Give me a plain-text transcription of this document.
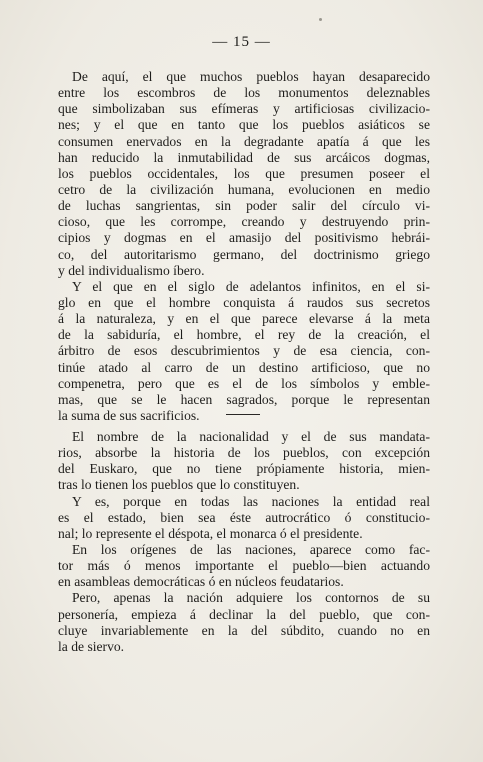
— 15 —
De aquí, el que muchos pueblos hayan desaparecido
entre los escombros de los monumentos deleznables
que simbolizaban sus efímeras y artificiosas civilizacio-
nes; y el que en tanto que los pueblos asiáticos se
consumen enervados en la degradante apatía á que les
han reducido la inmutabilidad de sus arcáicos dogmas,
los pueblos occidentales, los que presumen poseer el
cetro de la civilización humana, evolucionen en medio
de luchas sangrientas, sin poder salir del círculo vi-
cioso, que les corrompe, creando y destruyendo prin-
cipios y dogmas en el amasijo del positivismo hebrái-
co, del autoritarismo germano, del doctrinismo griego
y del individualismo íbero.
Y el que en el siglo de adelantos infinitos, en el si-
glo en que el hombre conquista á raudos sus secretos
á la naturaleza, y en el que parece elevarse á la meta
de la sabiduría, el hombre, el rey de la creación, el
árbitro de esos descubrimientos y de esa ciencia, con-
tinúe atado al carro de un destino artificioso, que no
compenetra, pero que es el de los símbolos y emble-
mas, que se le hacen sagrados, porque le representan
la suma de sus sacrificios.
El nombre de la nacionalidad y el de sus mandata-
rios, absorbe la historia de los pueblos, con excepción
del Euskaro, que no tiene própiamente historia, mien-
tras lo tienen los pueblos que lo constituyen.
Y es, porque en todas las naciones la entidad real
es el estado, bien sea éste autrocrático ó constitucio-
nal; lo represente el déspota, el monarca ó el presidente.
En los orígenes de las naciones, aparece como fac-
tor más ó menos importante el pueblo—bien actuando
en asambleas democráticas ó en núcleos feudatarios.
Pero, apenas la nación adquiere los contornos de su
personería, empieza á declinar la del pueblo, que con-
cluye invariablemente en la del súbdito, cuando no en
la de siervo.
